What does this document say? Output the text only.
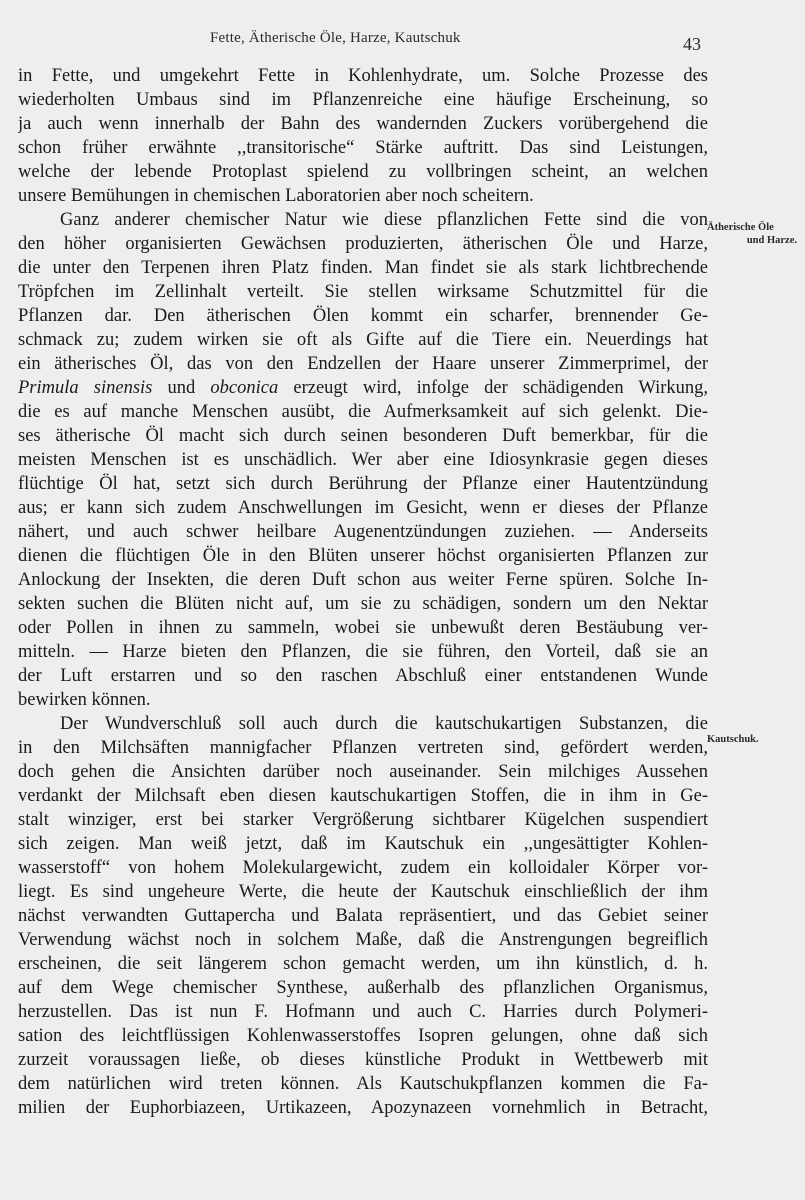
Fette, Ätherische Öle, Harze, Kautschuk	43
in Fette, und umgekehrt Fette in Kohlenhydrate, um. Solche Prozesse des
wiederholten Umbaus sind im Pflanzenreiche eine häufige Erscheinung, so
ja auch wenn innerhalb der Bahn des wandernden Zuckers vorübergehend die
schon früher erwähnte ,,transitorische“ Stärke auftritt. Das sind Leistungen,
welche der lebende Protoplast spielend zu vollbringen scheint, an welchen
unsere Bemühungen in chemischen Laboratorien aber noch scheitern.
Ganz anderer chemischer Natur wie diese pflanzlichen Fette sind die von
den höher organisierten Gewächsen produzierten, ätherischen Öle und Harze,
die unter den Terpenen ihren Platz finden. Man findet sie als stark lichtbrechende
Tröpfchen im Zellinhalt verteilt. Sie stellen wirksame Schutzmittel für die
Pflanzen dar. Den ätherischen Ölen kommt ein scharfer, brennender Ge-
schmack zu; zudem wirken sie oft als Gifte auf die Tiere ein. Neuerdings hat
ein ätherisches Öl, das von den Endzellen der Haare unserer Zimmerprimel, der
Primula sinensis und obconica erzeugt wird, infolge der schädigenden Wirkung,
die es auf manche Menschen ausübt, die Aufmerksamkeit auf sich gelenkt. Die-
ses ätherische Öl macht sich durch seinen besonderen Duft bemerkbar, für die
meisten Menschen ist es unschädlich. Wer aber eine Idiosynkrasie gegen dieses
flüchtige Öl hat, setzt sich durch Berührung der Pflanze einer Hautentzündung
aus; er kann sich zudem Anschwellungen im Gesicht, wenn er dieses der Pflanze
nähert, und auch schwer heilbare Augenentzündungen zuziehen. — Anderseits
dienen die flüchtigen Öle in den Blüten unserer höchst organisierten Pflanzen zur
Anlockung der Insekten, die deren Duft schon aus weiter Ferne spüren. Solche In-
sekten suchen die Blüten nicht auf, um sie zu schädigen, sondern um den Nektar
oder Pollen in ihnen zu sammeln, wobei sie unbewußt deren Bestäubung ver-
mitteln. — Harze bieten den Pflanzen, die sie führen, den Vorteil, daß sie an
der Luft erstarren und so den raschen Abschluß einer entstandenen Wunde
bewirken können.
Der Wundverschluß soll auch durch die kautschukartigen Substanzen, die
in den Milchsäften mannigfacher Pflanzen vertreten sind, gefördert werden,
doch gehen die Ansichten darüber noch auseinander. Sein milchiges Aussehen
verdankt der Milchsaft eben diesen kautschukartigen Stoffen, die in ihm in Ge-
stalt winziger, erst bei starker Vergrößerung sichtbarer Kügelchen suspendiert
sich zeigen. Man weiß jetzt, daß im Kautschuk ein ,,ungesättigter Kohlen-
wasserstoff“ von hohem Molekulargewicht, zudem ein kolloidaler Körper vor-
liegt. Es sind ungeheure Werte, die heute der Kautschuk einschließlich der ihm
nächst verwandten Guttapercha und Balata repräsentiert, und das Gebiet seiner
Verwendung wächst noch in solchem Maße, daß die Anstrengungen begreiflich
erscheinen, die seit längerem schon gemacht werden, um ihn künstlich, d. h.
auf dem Wege chemischer Synthese, außerhalb des pflanzlichen Organismus,
herzustellen. Das ist nun F. Hofmann und auch C. Harries durch Polymeri-
sation des leichtflüssigen Kohlenwasserstoffes Isopren gelungen, ohne daß sich
zurzeit voraussagen ließe, ob dieses künstliche Produkt in Wettbewerb mit
dem natürlichen wird treten können. Als Kautschukpflanzen kommen die Fa-
milien der Euphorbiazeen, Urtikazeen, Apozynazeen vornehmlich in Betracht,
Ätherische Öle

und Harze.
Kautschuk.
